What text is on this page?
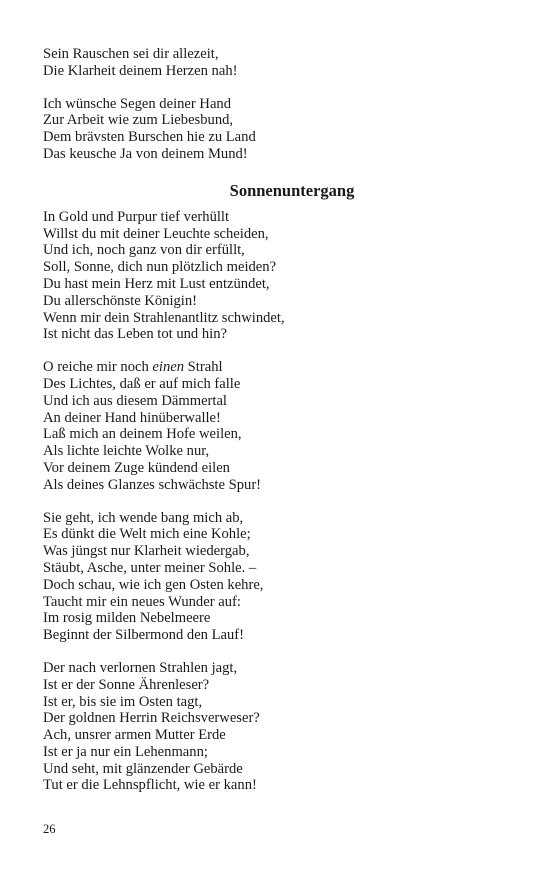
Sein Rauschen sei dir allezeit,
Die Klarheit deinem Herzen nah!
Ich wünsche Segen deiner Hand
Zur Arbeit wie zum Liebesbund,
Dem brävsten Burschen hie zu Land
Das keusche Ja von deinem Mund!
Sonnenuntergang
In Gold und Purpur tief verhüllt
Willst du mit deiner Leuchte scheiden,
Und ich, noch ganz von dir erfüllt,
Soll, Sonne, dich nun plötzlich meiden?
Du hast mein Herz mit Lust entzündet,
Du allerschönste Königin!
Wenn mir dein Strahlenantlitz schwindet,
Ist nicht das Leben tot und hin?
O reiche mir noch einen Strahl
Des Lichtes, daß er auf mich falle
Und ich aus diesem Dämmertal
An deiner Hand hinüberwalle!
Laß mich an deinem Hofe weilen,
Als lichte leichte Wolke nur,
Vor deinem Zuge kündend eilen
Als deines Glanzes schwächste Spur!
Sie geht, ich wende bang mich ab,
Es dünkt die Welt mich eine Kohle;
Was jüngst nur Klarheit wiedergab,
Stäubt, Asche, unter meiner Sohle. –
Doch schau, wie ich gen Osten kehre,
Taucht mir ein neues Wunder auf:
Im rosig milden Nebelmeere
Beginnt der Silbermond den Lauf!
Der nach verlornen Strahlen jagt,
Ist er der Sonne Ährenleser?
Ist er, bis sie im Osten tagt,
Der goldnen Herrin Reichsverweser?
Ach, unsrer armen Mutter Erde
Ist er ja nur ein Lehenmann;
Und seht, mit glänzender Gebärde
Tut er die Lehnspflicht, wie er kann!
26
